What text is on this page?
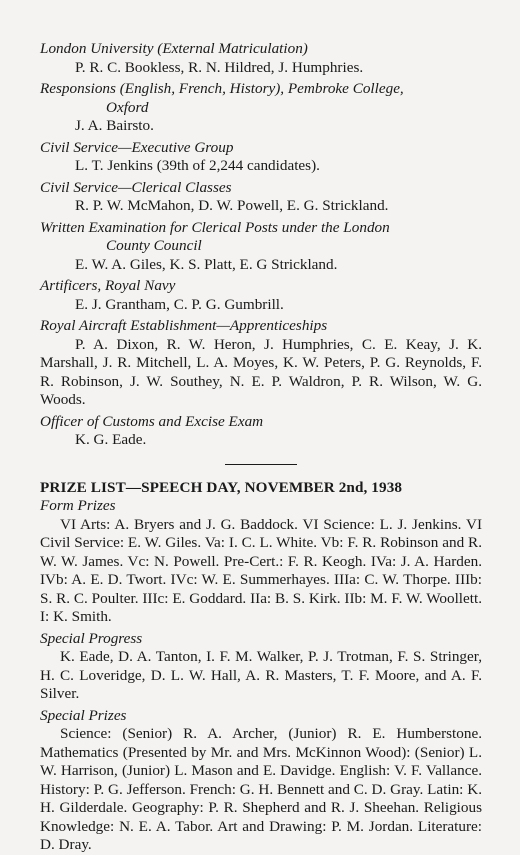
London University (External Matriculation)

P. R. C. Bookless, R. N. Hildred, J. Humphries.

Responsions (English, French, History), Pembroke College,
Oxford

J. A. Bairsto.

Civil Service—Executive Group

L. T. Jenkins (39th of 2,244 candidates).

Civil Service—Clerical Classes

R. P. W. McMahon, D. W. Powell, E. G. Strickland.

Written Examination for Clerical Posts under the London
County Council

E. W. A. Giles, K. S. Platt, E. G Strickland.

Artificers, Royal Navy

E. J. Grantham, C. P. G. Gumbrill.

Royal Aircraft Establishment—Apprenticeships

P. A. Dixon, R. W. Heron, J. Humphries, C. E. Keay, J. K. Marshall, J. R. Mitchell, L. A. Moyes, K. W. Peters, P. G. Reynolds, F. R. Robinson, J. W. Southey, N. E. P. Waldron, P. R. Wilson, W. G. Woods.

Officer of Customs and Excise Exam

K. G. Eade.

PRIZE LIST—SPEECH DAY, NOVEMBER 2nd, 1938

Form Prizes

VI Arts: A. Bryers and J. G. Baddock. VI Science: L. J. Jenkins. VI Civil Service: E. W. Giles. Va: I. C. L. White. Vb: F. R. Robinson and R. W. W. James. Vc: N. Powell. Pre-Cert.: F. R. Keogh. IVa: J. A. Harden. IVb: A. E. D. Twort. IVc: W. E. Summerhayes. IIIa: C. W. Thorpe. IIIb: S. R. C. Poulter. IIIc: E. Goddard. IIa: B. S. Kirk. IIb: M. F. W. Woollett. I: K. Smith.

Special Progress

K. Eade, D. A. Tanton, I. F. M. Walker, P. J. Trotman, F. S. Stringer, H. C. Loveridge, D. L. W. Hall, A. R. Masters, T. F. Moore, and A. F. Silver.

Special Prizes

Science: (Senior) R. A. Archer, (Junior) R. E. Humberstone. Mathematics (Presented by Mr. and Mrs. McKinnon Wood): (Senior) L. W. Harrison, (Junior) L. Mason and E. Davidge. English: V. F. Vallance. History: P. G. Jefferson. French: G. H. Bennett and C. D. Gray. Latin: K. H. Gilderdale. Geography: P. R. Shepherd and R. J. Sheehan. Religious Knowledge: N. E. A. Tabor. Art and Drawing: P. M. Jordan. Literature: D. Dray.
